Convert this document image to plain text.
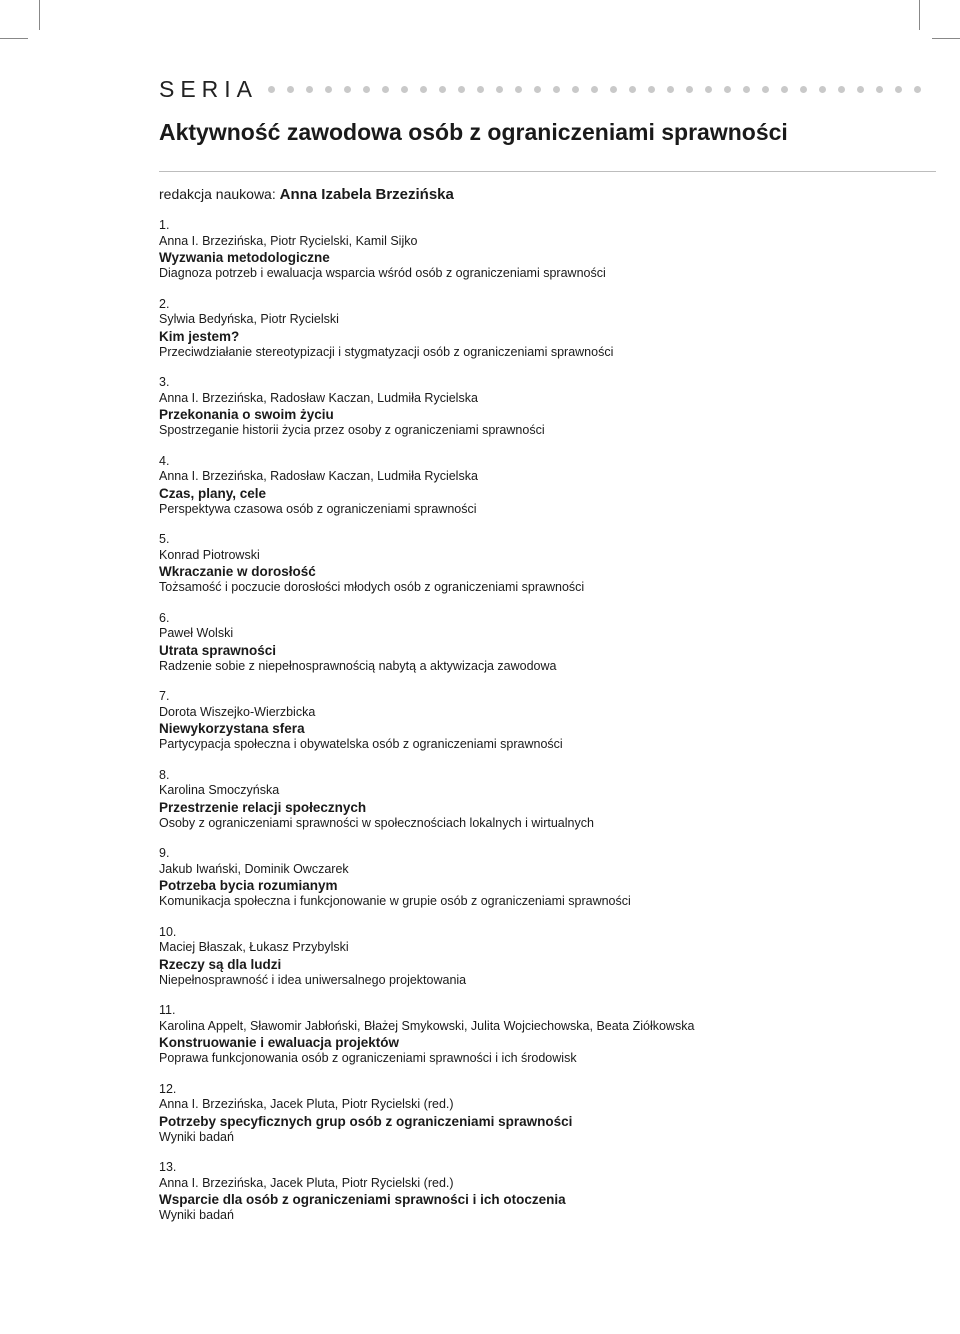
SERIA
Aktywność zawodowa osób z ograniczeniami sprawności
redakcja naukowa: Anna Izabela Brzezińska
1.
Anna I. Brzezińska, Piotr Rycielski, Kamil Sijko
Wyzwania metodologiczne
Diagnoza potrzeb i ewaluacja wsparcia wśród osób z ograniczeniami sprawności
2.
Sylwia Bedyńska, Piotr Rycielski
Kim jestem?
Przeciwdziałanie stereotypizacji i stygmatyzacji osób z ograniczeniami sprawności
3.
Anna I. Brzezińska, Radosław Kaczan, Ludmiła Rycielska
Przekonania o swoim życiu
Spostrzeganie historii życia przez osoby z ograniczeniami sprawności
4.
Anna I. Brzezińska, Radosław Kaczan, Ludmiła Rycielska
Czas, plany, cele
Perspektywa czasowa osób z ograniczeniami sprawności
5.
Konrad Piotrowski
Wkraczanie w dorosłość
Tożsamość i poczucie dorosłości młodych osób z ograniczeniami sprawności
6.
Paweł Wolski
Utrata sprawności
Radzenie sobie z niepełnosprawnością nabytą a aktywizacja zawodowa
7.
Dorota Wiszejko-Wierzbicka
Niewykorzystana sfera
Partycypacja społeczna i obywatelska osób z ograniczeniami sprawności
8.
Karolina Smoczyńska
Przestrzenie relacji społecznych
Osoby z ograniczeniami sprawności w społecznościach lokalnych i wirtualnych
9.
Jakub Iwański, Dominik Owczarek
Potrzeba bycia rozumianym
Komunikacja społeczna i funkcjonowanie w grupie osób z ograniczeniami sprawności
10.
Maciej Błaszak, Łukasz Przybylski
Rzeczy są dla ludzi
Niepełnosprawność i idea uniwersalnego projektowania
11.
Karolina Appelt, Sławomir Jabłoński, Błażej Smykowski, Julita Wojciechowska, Beata Ziółkowska
Konstruowanie i ewaluacja projektów
Poprawa funkcjonowania osób z ograniczeniami sprawności i ich środowisk
12.
Anna I. Brzezińska, Jacek Pluta, Piotr Rycielski (red.)
Potrzeby specyficznych grup osób z ograniczeniami sprawności
Wyniki badań
13.
Anna I. Brzezińska, Jacek Pluta, Piotr Rycielski (red.)
Wsparcie dla osób z ograniczeniami sprawności i ich otoczenia
Wyniki badań
